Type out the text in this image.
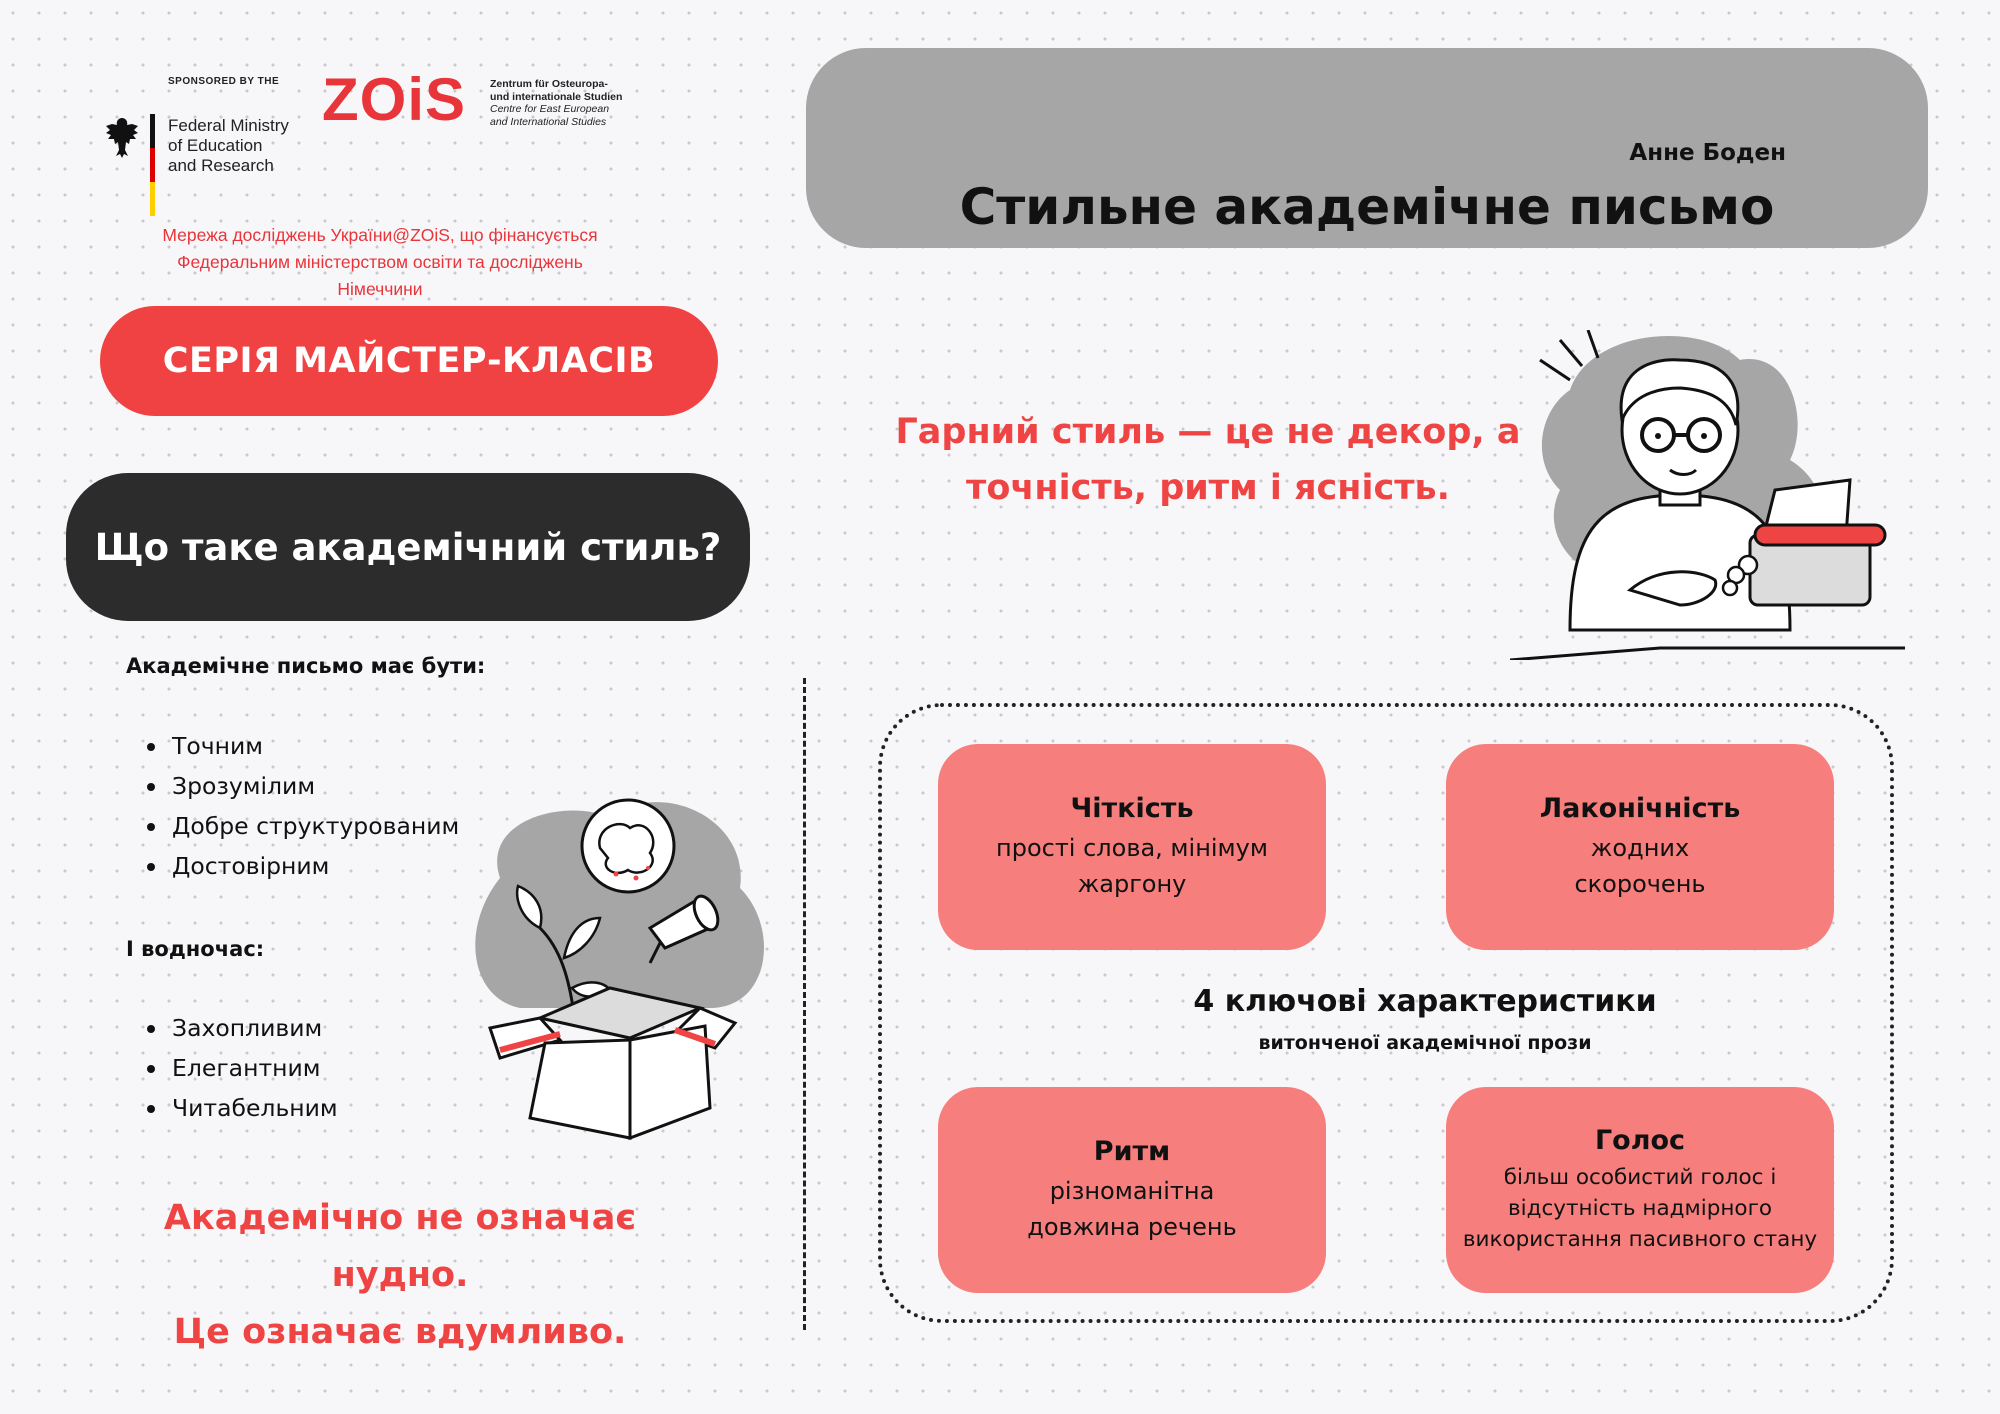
SPONSORED BY THE
Federal Ministry
of Education
and Research
ZOiS Zentrum für Osteuropa-
und internationale Studien
Centre for East European
and International Studies
Мережа досліджень України@ZOiS, що фінансується
Федеральним міністерством освіти та досліджень
Німеччини
СЕРІЯ МАЙСТЕР-КЛАСІВ
Що таке академічний стиль?
Академічне письмо має бути:
Точним
Зрозумілим
Добре структурованим
Достовірним
І водночас:
Захопливим
Елегантним
Читабельним
Академічно не означає нудно.
Це означає вдумливо.
Анне Боден
Стильне академічне письмо
Гарний стиль — це не декор, а
точність, ритм і ясність.
Чіткість
прості слова, мінімум
жаргону
Лаконічність
жодних
скорочень
4 ключові характеристики
витонченої академічної прози
Ритм
різноманітна
довжина речень
Голос
більш особистий голос і
відсутність надмірного
використання пасивного стану
